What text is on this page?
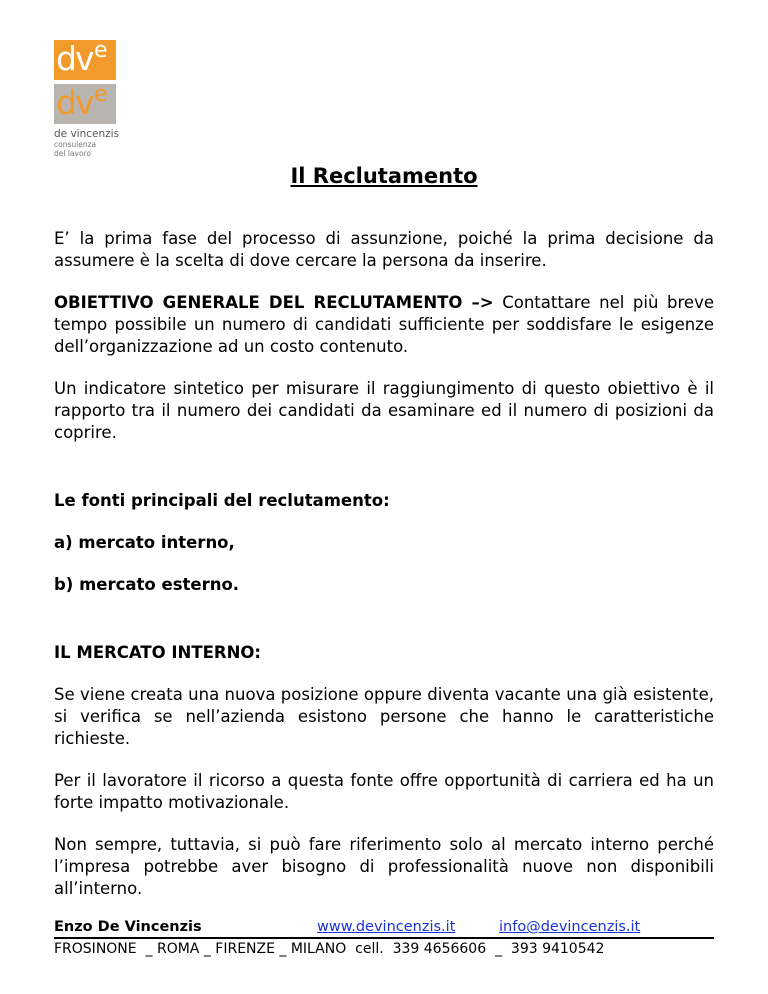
dv e
dv e
de vincenzis
consulenza
del lavoro
Il Reclutamento

E’ la prima fase del processo di assunzione, poiché la prima decisione da assumere è la scelta di dove cercare la persona da inserire.

OBIETTIVO GENERALE DEL RECLUTAMENTO –> Contattare nel più breve tempo possibile un numero di candidati sufficiente per soddisfare le esigenze dell’organizzazione ad un costo contenuto.

Un indicatore sintetico per misurare il raggiungimento di questo obiettivo è il rapporto tra il numero dei candidati da esaminare ed il numero di posizioni da coprire.

Le fonti principali del reclutamento:

a) mercato interno,

b) mercato esterno.

IL MERCATO INTERNO:

Se viene creata una nuova posizione oppure diventa vacante una già esistente, si verifica se nell’azienda esistono persone che hanno le caratteristiche richieste.

Per il lavoratore il ricorso a questa fonte offre opportunità di carriera ed ha un forte impatto motivazionale.

Non sempre, tuttavia, si può fare riferimento solo al mercato interno perché l’impresa potrebbe aver bisogno di professionalità nuove non disponibili all’interno.

Enzo De Vincenzis	www.devincenzis.it	info@devincenzis.it
FROSINONE  _ ROMA _ FIRENZE _ MILANO  cell.  339 4656606  _  393 9410542
